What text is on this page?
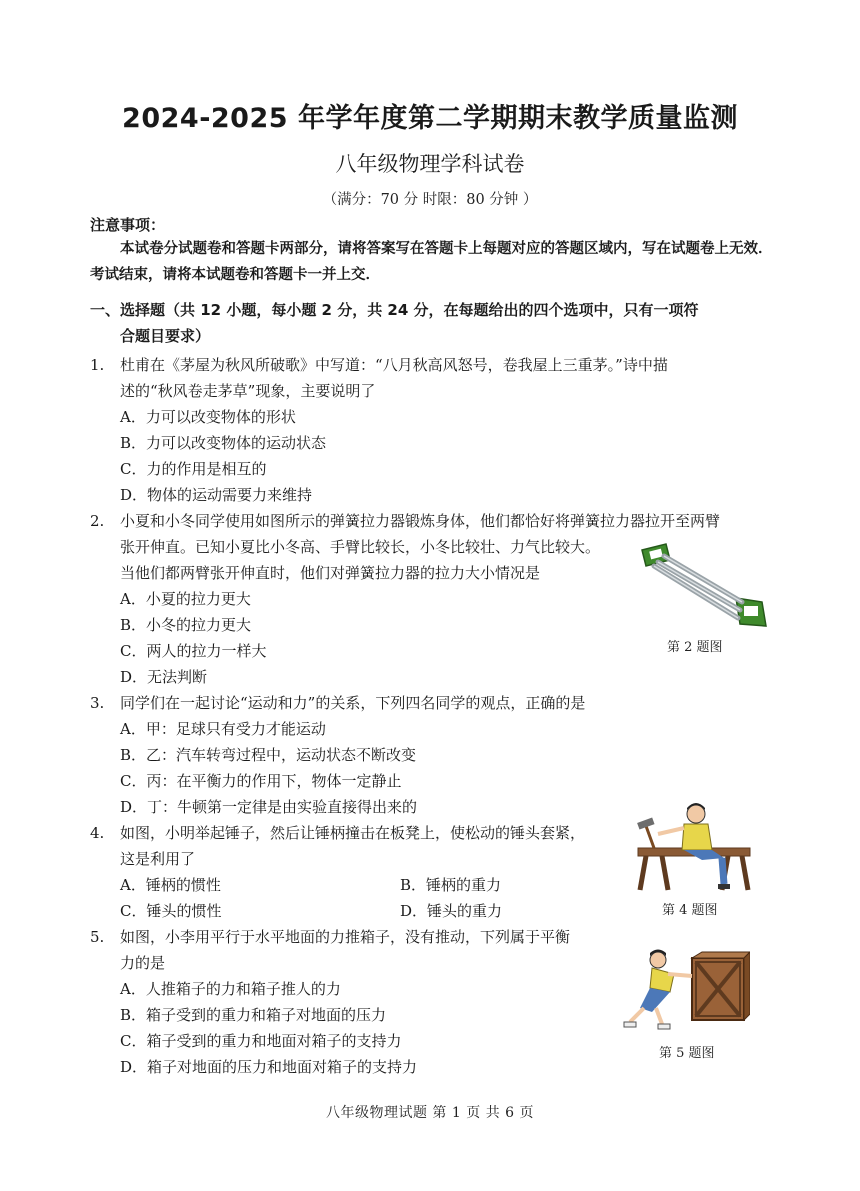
2024-2025 年学年度第二学期期末教学质量监测
八年级物理学科试卷
（满分：70 分 时限：80 分钟 ）
注意事项：
本试卷分试题卷和答题卡两部分，请将答案写在答题卡上每题对应的答题区域内，写在试题卷上无效．考试结束，请将本试题卷和答题卡一并上交．
一、选择题（共 12 小题，每小题 2 分，共 24 分，在每题给出的四个选项中，只有一项符
合题目要求）
1. 杜甫在《茅屋为秋风所破歌》中写道：“八月秋高风怒号，卷我屋上三重茅。”诗中描
述的“秋风卷走茅草”现象，主要说明了
A．力可以改变物体的形状
B．力可以改变物体的运动状态
C．力的作用是相互的
D．物体的运动需要力来维持
2. 小夏和小冬同学使用如图所示的弹簧拉力器锻炼身体，他们都恰好将弹簧拉力器拉开至两臂
张开伸直。已知小夏比小冬高、手臂比较长，小冬比较壮、力气比较大。
当他们都两臂张开伸直时，他们对弹簧拉力器的拉力大小情况是
A．小夏的拉力更大
B．小冬的拉力更大
C．两人的拉力一样大
D．无法判断
第 2 题图
3. 同学们在一起讨论“运动和力”的关系，下列四名同学的观点，正确的是
A．甲：足球只有受力才能运动
B．乙：汽车转弯过程中，运动状态不断改变
C．丙：在平衡力的作用下，物体一定静止
D．丁：牛顿第一定律是由实验直接得出来的
4. 如图，小明举起锤子，然后让锤柄撞击在板凳上，使松动的锤头套紧，
这是利用了
A．锤柄的惯性	B．锤柄的重力
C．锤头的惯性	D．锤头的重力	第 4 题图
5. 如图，小李用平行于水平地面的力推箱子，没有推动，下列属于平衡
力的是
A．人推箱子的力和箱子推人的力
B．箱子受到的重力和箱子对地面的压力
C．箱子受到的重力和地面对箱子的支持力
D．箱子对地面的压力和地面对箱子的支持力
第 5 题图
八年级物理试题 第 1 页 共 6 页
